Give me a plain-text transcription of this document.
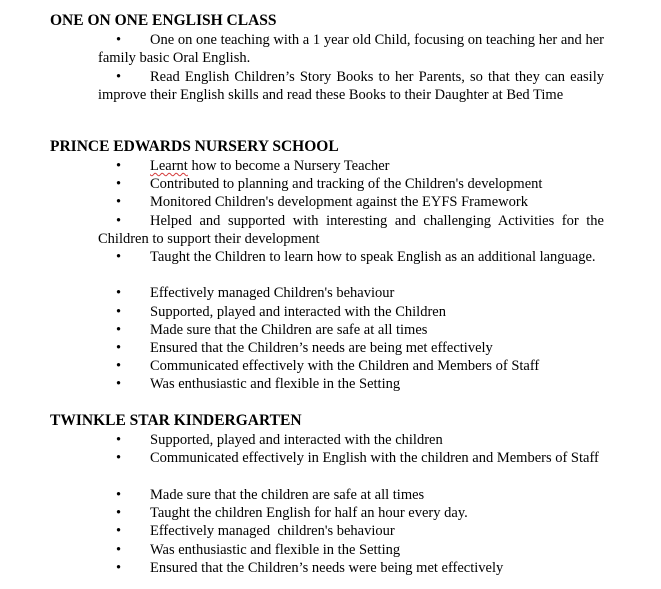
ONE ON ONE ENGLISH CLASS
•	One on one teaching with a 1 year old Child, focusing on teaching her and her family basic Oral English.
•	Read English Children’s Story Books to her Parents, so that they can easily improve their English skills and read these Books to their Daughter at Bed Time
PRINCE EDWARDS NURSERY SCHOOL
•	Learnt how to become a Nursery Teacher
•	Contributed to planning and tracking of the Children's development
•	Monitored Children's development against the EYFS Framework
•	Helped and supported with interesting and challenging Activities for the Children to support their development
•	Taught the Children to learn how to speak English as an additional language.
•	Effectively managed Children's behaviour
•	Supported, played and interacted with the Children
•	Made sure that the Children are safe at all times
•	Ensured that the Children’s needs are being met effectively
•	Communicated effectively with the Children and Members of Staff
•	Was enthusiastic and flexible in the Setting
TWINKLE STAR KINDERGARTEN
•	Supported, played and interacted with the children
•	Communicated effectively in English with the children and Members of Staff
•	Made sure that the children are safe at all times
•	Taught the children English for half an hour every day.
•	Effectively managed  children's behaviour
•	Was enthusiastic and flexible in the Setting
•	Ensured that the Children’s needs were being met effectively
